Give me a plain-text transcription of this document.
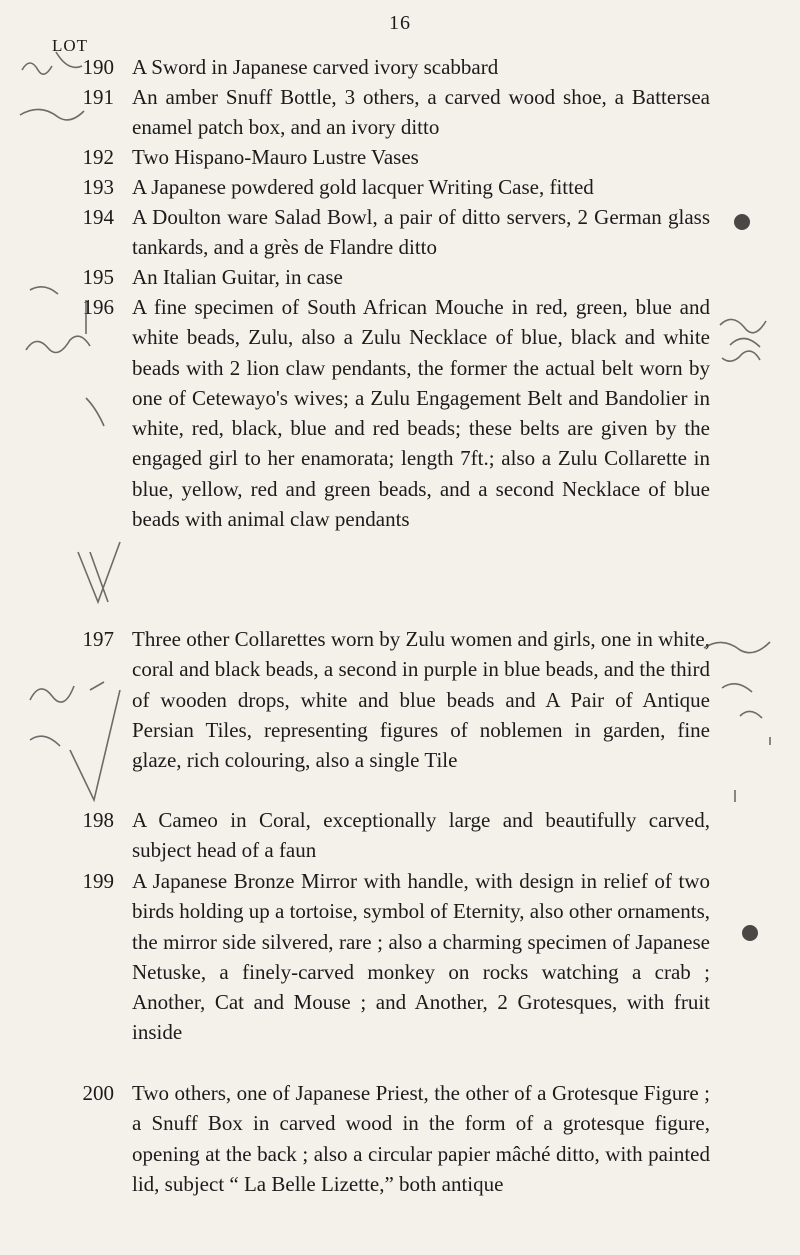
16
LOT
190 A Sword in Japanese carved ivory scabbard
191 An amber Snuff Bottle, 3 others, a carved wood shoe, a Battersea enamel patch box, and an ivory ditto
192 Two Hispano-Mauro Lustre Vases
193 A Japanese powdered gold lacquer Writing Case, fitted
194 A Doulton ware Salad Bowl, a pair of ditto servers, 2 German glass tankards, and a grès de Flandre ditto
195 An Italian Guitar, in case
196 A fine specimen of South African Mouche in red, green, blue and white beads, Zulu, also a Zulu Necklace of blue, black and white beads with 2 lion claw pendants, the former the actual belt worn by one of Cetewayo's wives; a Zulu Engagement Belt and Bandolier in white, red, black, blue and red beads; these belts are given by the engaged girl to her enamorata; length 7ft.; also a Zulu Collarette in blue, yellow, red and green beads, and a second Necklace of blue beads with animal claw pendants
197 Three other Collarettes worn by Zulu women and girls, one in white, coral and black beads, a second in purple in blue beads, and the third of wooden drops, white and blue beads and A Pair of Antique Persian Tiles, representing figures of noblemen in garden, fine glaze, rich colouring, also a single Tile
198 A Cameo in Coral, exceptionally large and beautifully carved, subject head of a faun
199 A Japanese Bronze Mirror with handle, with design in relief of two birds holding up a tortoise, symbol of Eternity, also other ornaments, the mirror side silvered, rare ; also a charming specimen of Japanese Netuske, a finely-carved monkey on rocks watching a crab ; Another, Cat and Mouse ; and Another, 2 Grotesques, with fruit inside
200 Two others, one of Japanese Priest, the other of a Grotesque Figure ; a Snuff Box in carved wood in the form of a grotesque figure, opening at the back ; also a circular papier mâché ditto, with painted lid, subject “ La Belle Lizette,” both antique
